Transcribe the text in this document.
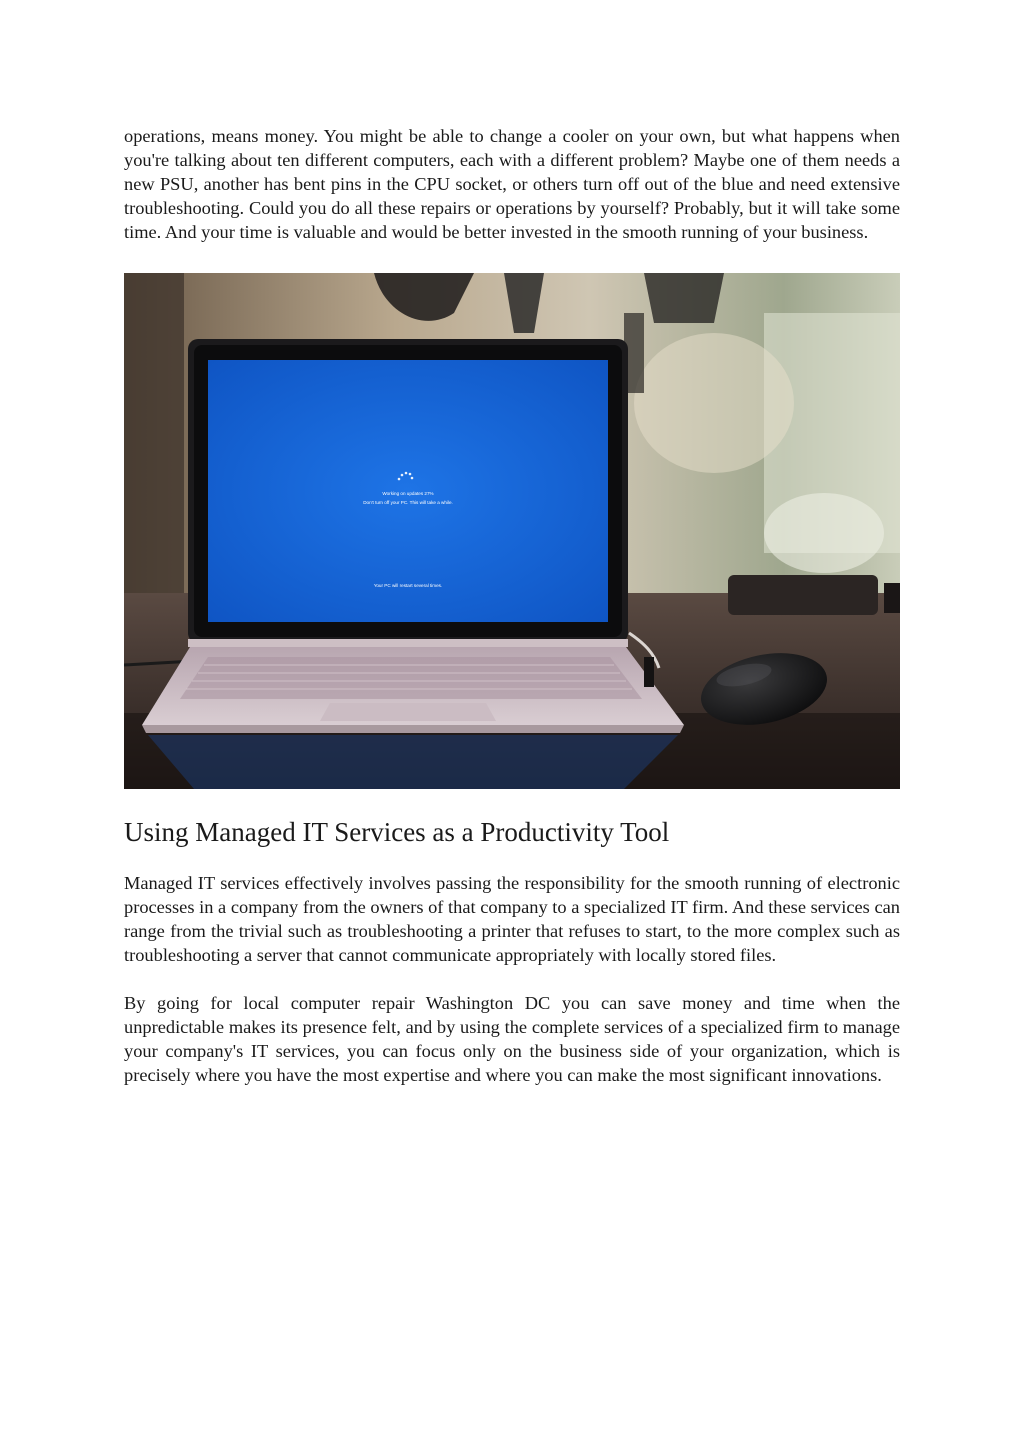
operations, means money. You might be able to change a cooler on your own, but what happens when you're talking about ten different computers, each with a different problem? Maybe one of them needs a new PSU, another has bent pins in the CPU socket, or others turn off out of the blue and need extensive troubleshooting. Could you do all these repairs or operations by yourself? Probably, but it will take some time. And your time is valuable and would be better invested in the smooth running of your business.

Working on updates 27%
Don't turn off your PC. This will take a while.
Your PC will restart several times.
Using Managed IT Services as a Productivity Tool

Managed IT services effectively involves passing the responsibility for the smooth running of electronic processes in a company from the owners of that company to a specialized IT firm. And these services can range from the trivial such as troubleshooting a printer that refuses to start, to the more complex such as troubleshooting a server that cannot communicate appropriately with locally stored files.

By going for local computer repair Washington DC you can save money and time when the unpredictable makes its presence felt, and by using the complete services of a specialized firm to manage your company's IT services, you can focus only on the business side of your organization, which is precisely where you have the most expertise and where you can make the most significant innovations.
